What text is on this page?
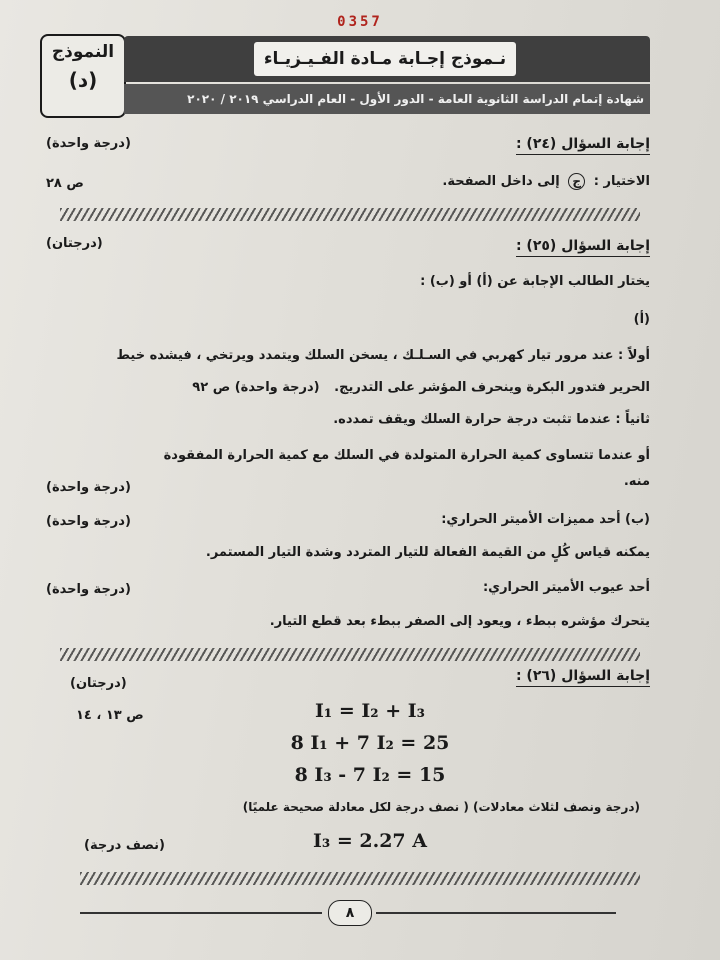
0357
النموذج
(د)
نـموذج إجـابة مـادة الفـيـزيـاء
شهادة إتمام الدراسة الثانوية العامة - الدور الأول - العام الدراسي ٢٠١٩ / ٢٠٢٠
إجابة السؤال (٢٤) :
(درجة واحدة)
الاختيار : ج إلى داخل الصفحة.
ص ٢٨
إجابة السؤال (٢٥) :
(درجتان)
يختار الطالب الإجابة عن (أ) أو (ب) :
(أ)
أولاً : عند مرور تيار كهربي في السـلـك ، يسخن السلك ويتمدد ويرتخي ، فيشده خيط
الحرير فتدور البكرة وينحرف المؤشر على التدريج. (درجة واحدة) ص ٩٢
ثانياً : عندما تثبت درجة حرارة السلك ويقف تمدده.
أو عندما تتساوى كمية الحرارة المتولدة في السلك مع كمية الحرارة المفقودة
منه.
(درجة واحدة)
(ب) أحد مميزات الأميتر الحراري:
(درجة واحدة)
يمكنه قياس كُلٍ من القيمة الفعالة للتيار المتردد وشدة التيار المستمر.
أحد عيوب الأميتر الحراري:
(درجة واحدة)
يتحرك مؤشره ببطء ، ويعود إلى الصفر ببطء بعد قطع التيار.
إجابة السؤال (٢٦) :
(درجتان)
ص ١٣ ، ١٤	I₁ = I₂ + I₃
8 I₁ + 7 I₂ = 25
8 I₃ - 7 I₂ = 15
(درجة ونصف لثلاث معادلات) ( نصف درجة لكل معادلة صحيحة علميًا)
I₃ = 2.27 A
(نصف درجة)
٨
